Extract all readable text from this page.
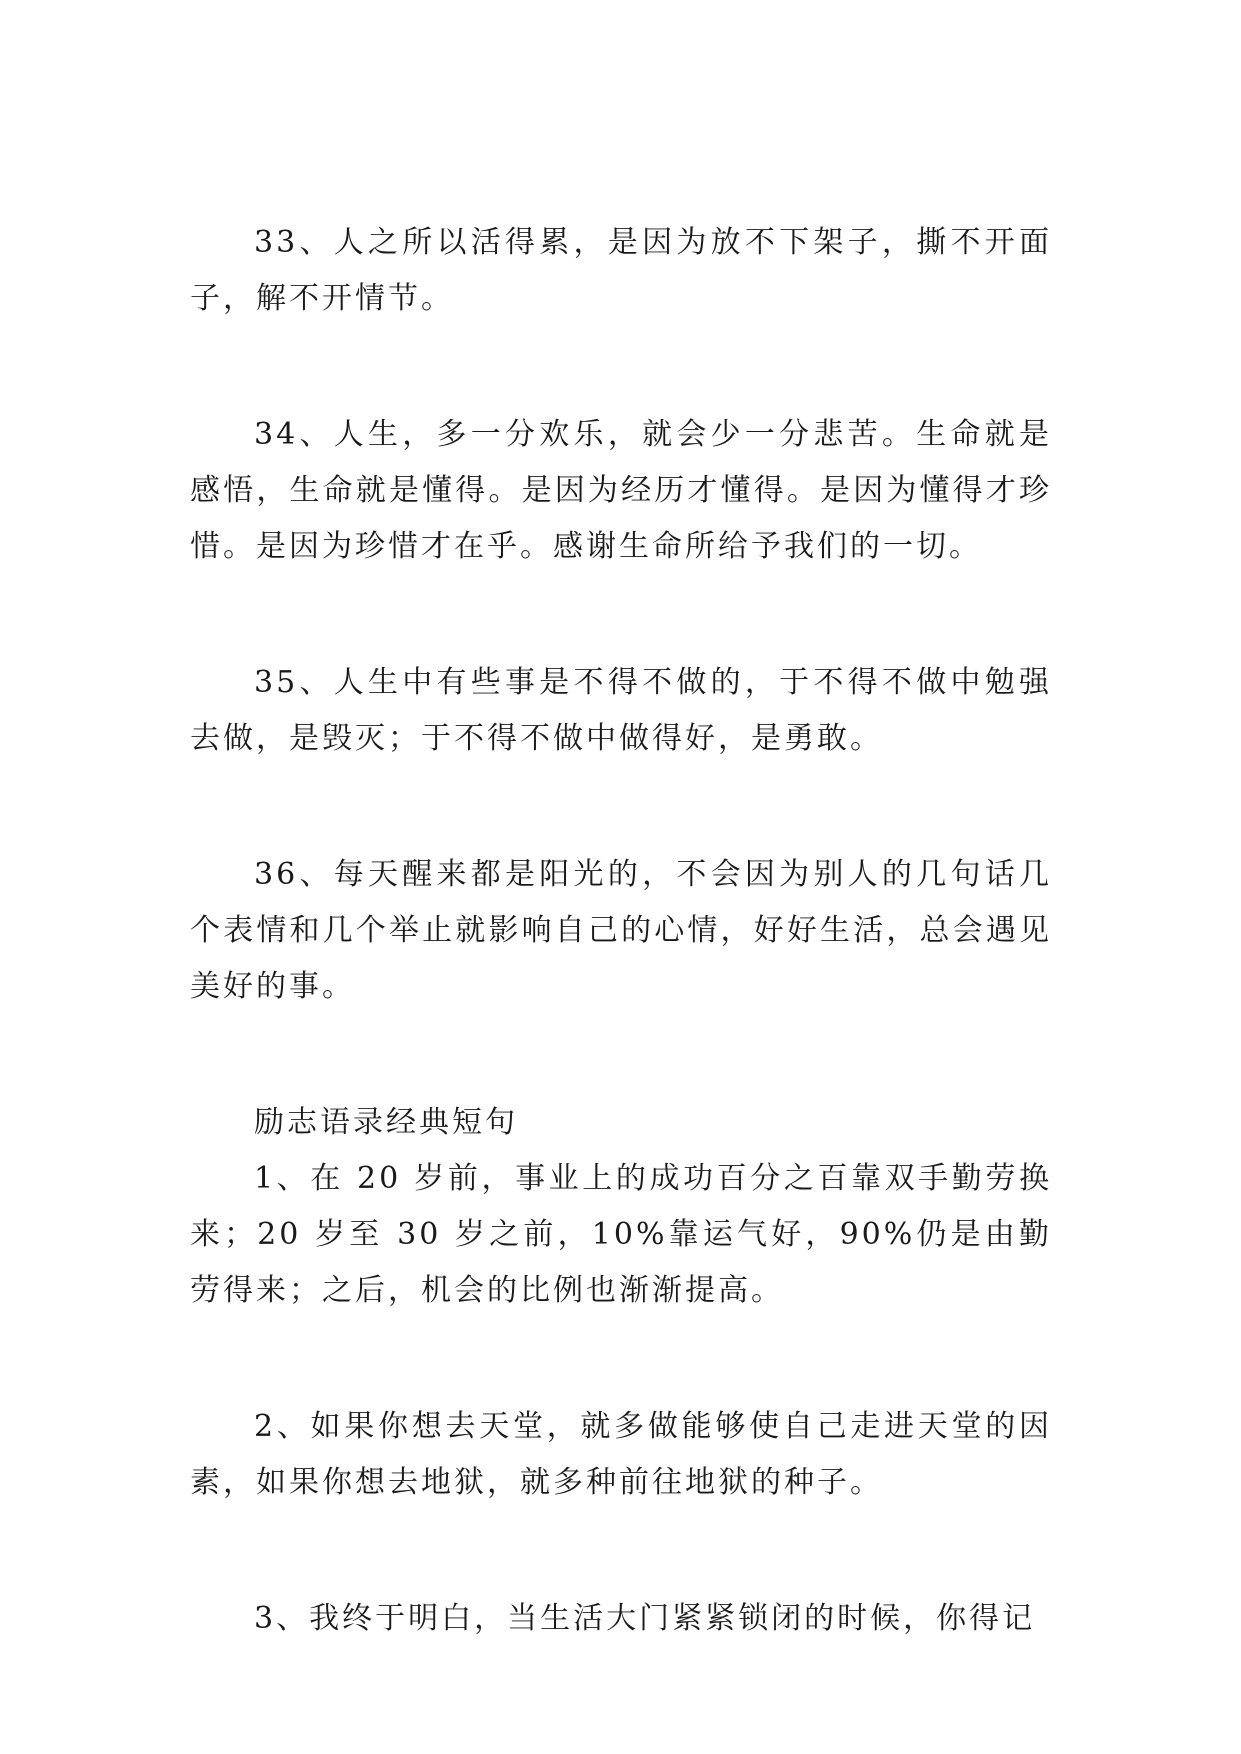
33、人之所以活得累，是因为放不下架子，撕不开面子，解不开情节。

34、人生，多一分欢乐，就会少一分悲苦。生命就是感悟，生命就是懂得。是因为经历才懂得。是因为懂得才珍惜。是因为珍惜才在乎。感谢生命所给予我们的一切。

35、人生中有些事是不得不做的，于不得不做中勉强去做，是毁灭；于不得不做中做得好，是勇敢。

36、每天醒来都是阳光的，不会因为别人的几句话几个表情和几个举止就影响自己的心情，好好生活，总会遇见美好的事。

励志语录经典短句

1、在 20 岁前，事业上的成功百分之百靠双手勤劳换来；20 岁至 30 岁之前，10%靠运气好，90%仍是由勤劳得来；之后，机会的比例也渐渐提高。

2、如果你想去天堂，就多做能够使自己走进天堂的因素，如果你想去地狱，就多种前往地狱的种子。

3、我终于明白，当生活大门紧紧锁闭的时候，你得记
